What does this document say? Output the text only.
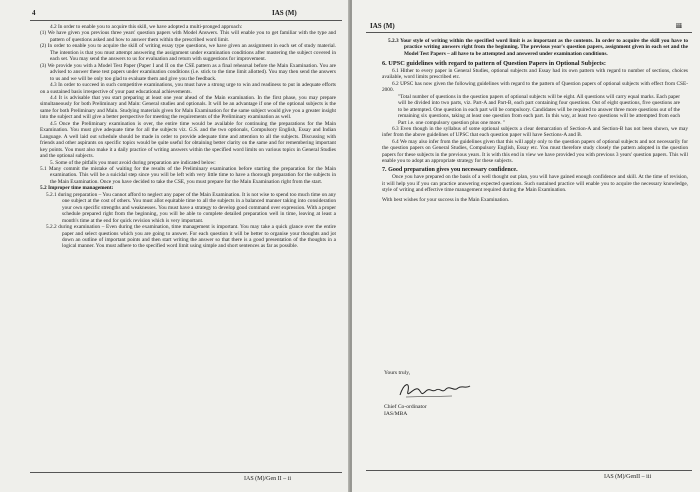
4	IAS (M)

4.2 In order to enable you to acquire this skill, we have adopted a multi-pronged approach:

(1) We have given you previous three years' question papers with Model Answers. This will enable you to get familiar with the type and pattern of questions asked and how to answer them within the prescribed word limit.

(2) In order to enable you to acquire the skill of writing essay type questions, we have given an assignment in each set of study material. The intention is that you must attempt answering the assignment under examination conditions after mastering the subject covered in each set. You may send the answers to us for evaluation and return with suggestions for improvement.

(3) We provide you with a Model Test Paper (Paper I and II on the CSE pattern as a final rehearsal before the Main Examination. You are advised to answer these test papers under examination conditions (i.e. stick to the time limit allotted). You may then send the answers to us and we will be only too glad to evaluate them and give you the feedback.

4.3 In order to succeed in such competitive examinations, you must have a strong urge to win and readiness to put in adequate efforts on a sustained basis irrespective of your past educational achievements.

4.4 It is advisable that you start preparing at least one year ahead of the Main examination. In the first phase, you may prepare simultaneously for both Preliminary and Main: General studies and optionals. It will be an advantage if one of the optional subjects is the same for both Preliminary and Main. Studying materials given for Main Examination for the same subject would give you a greater insight into the subject and will give a better perspective for meeting the requirements of the Preliminary examination as well.

4.5 Once the Preliminary examination is over, the entire time would be available for continuing the preparations for the Main Examination. You must give adequate time for all the subjects viz. G.S. and the two optionals, Compulsory English, Essay and Indian Language. A well laid out schedule should be made in order to provide adequate time and attention to all the subjects. Discussing with friends and other aspirants on specific topics would be quite useful for obtaining better clarity on the same and for remembering important key points. You must also make it a daily practice of writing answers within the specified word limits on various topics in General Studies and the optional subjects.

5. Some of the pitfalls you must avoid during preparation are indicated below:

5.1 Many commit the mistake of waiting for the results of the Preliminary examination before starting the preparation for the Main examination. This will be a suicidal step since you will be left with very little time to have a thorough preparation for the subjects in the Main Examination. Once you have decided to take the CSE, you must prepare for the Main Examination right from the start.

5.2 Improper time management:

5.2.1 during preparation – You cannot afford to neglect any paper of the Main Examination. It is not wise to spend too much time on any one subject at the cost of others. You must allot equitable time to all the subjects in a balanced manner taking into consideration your own specific strengths and weaknesses. You must have a strategy to develop good command over expression. With a proper schedule prepared right from the beginning, you will be able to complete detailed preparation well in time, leaving at least a month's time at the end for quick revision which is very important.

5.2.2 during examination – Even during the examination, time management is important. You may take a quick glance over the entire paper and select questions which you are going to answer. For each question it will be better to organise your thoughts and jot down an outline of important points and then start writing the answer so that there is a good presentation of the thoughts in a logical manner. You must adhere to the specified word limit using simple and short sentences as far as possible.

IAS (M)/Gen II – ii
IAS (M)	iii

5.2.3 Your style of writing within the specified word limit is as important as the contents. In order to acquire the skill you have to practice writing answers right from the beginning. The previous year's question papers, assignment given in each set and the Model Test Papers – all have to be attempted and answered under examination conditions.

6. UPSC guidelines with regard to pattern of Question Papers in Optional Subjects:

6.1 Hither to every paper in General Studies, optional subjects and Essay had its own pattern with regard to number of sections, choices available, word limits prescribed etc.

6.2 UPSC has now given the following guidelines with regard to the pattern of Question papers of optional subjects with effect from CSE-2000.

"Total number of questions in the question papers of optional subjects will be eight. All questions will carry equal marks. Each paper will be divided into two parts, viz. Part-A and Part-B, each part containing four questions. Out of eight questions, five questions are to be attempted. One question in each part will be compulsory. Candidates will be required to answer three more questions out of the remaining six questions, taking at least one question from each part. In this way, at least two questions will be attempted from each Part i.e. one compulsory question plus one more. "

6.3 Even though in the syllabus of some optional subjects a clear demarcation of Section-A and Section-B has not been shown, we may infer from the above guidelines of UPSC that each question paper will have Sections-A and B.

6.4 We may also infer from the guidelines given that this will apply only to the question papers of optional subjects and not necessarily for the question papers on General Studies, Compulsory English, Essay etc. You must therefore study closely the pattern adopted in the question papers for these subjects in the previous years. It is with this end in view we have provided you with previous 3 years' question papers. This will enable you to adopt an appropriate strategy for these subjects.

7. Good preparation gives you necessary confidence.

Once you have prepared on the basis of a well thought out plan, you will have gained enough confidence and skill. At the time of revision, it will help you if you can practice answering expected questions. Such sustained practice will enable you to acquire the necessary knowledge, style of writing and effective time management required during the Main Examination.

With best wishes for your success in the Main Examination.

Yours truly,
Chief Co-ordinator
IAS/MBA
IAS (M)/GenII – iii
